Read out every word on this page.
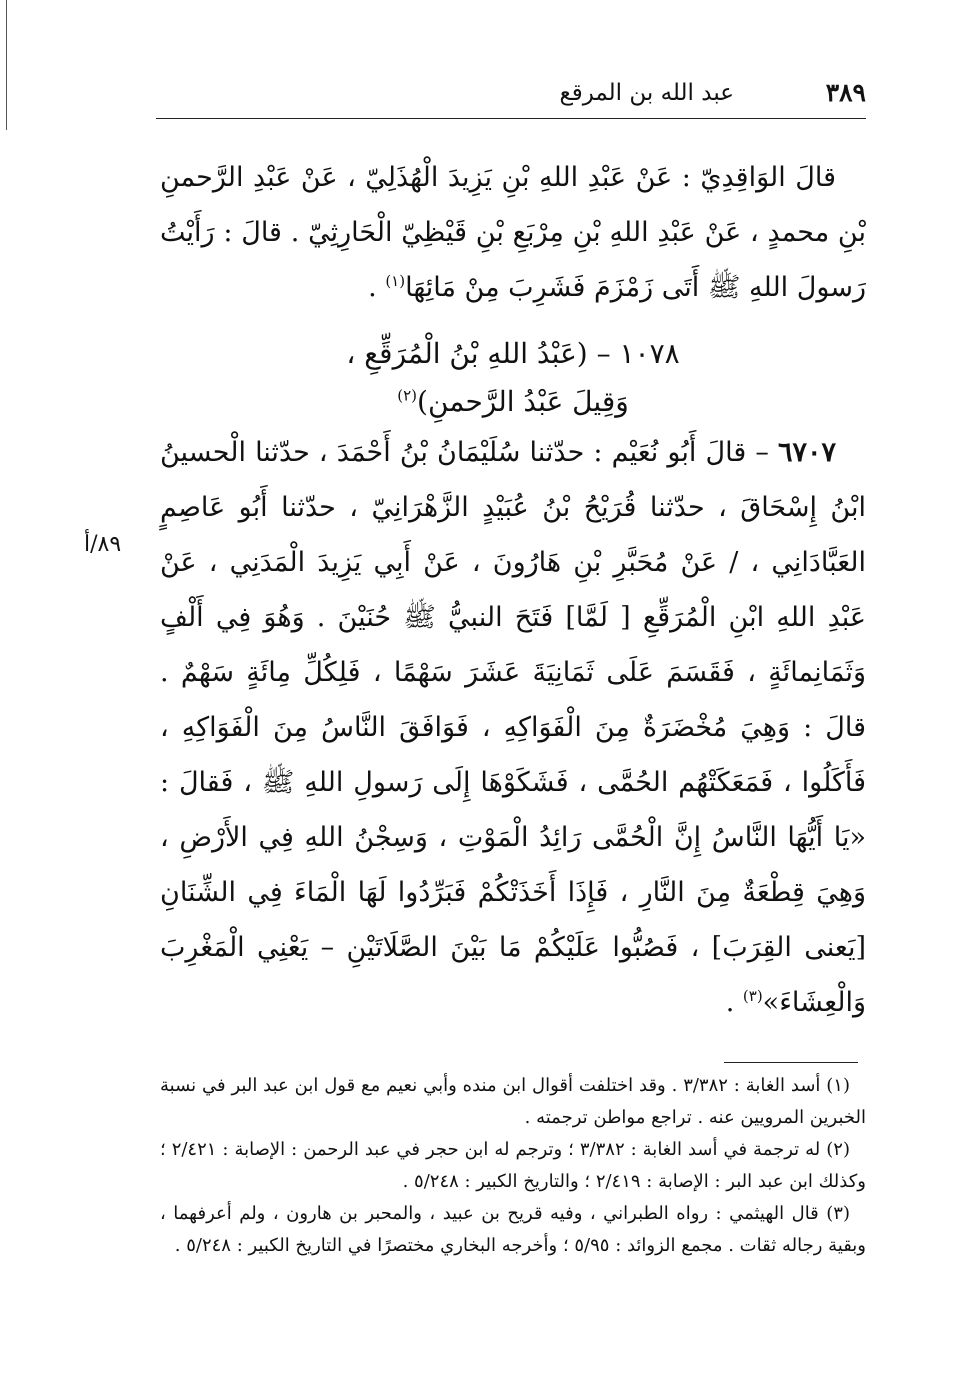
٣٨٩
عبد الله بن المرقع
قالَ الوَاقِدِيّ : عَنْ عَبْدِ اللهِ بْنِ يَزِيدَ الْهُذَلِيّ ، عَنْ عَبْدِ الرَّحمنِ بْنِ محمدٍ ، عَنْ عَبْدِ اللهِ بْنِ مِرْبَعِ بْنِ قَيْظِيّ الْحَارِثِيّ . قالَ : رَأَيْتُ رَسولَ اللهِ ﷺ أَتَى زَمْزَمَ فَشَرِبَ مِنْ مَائِهَا$^{(١)}$ .
١٠٧٨ – (عَبْدُ اللهِ بْنُ الْمُرَقِّعِ ،
وَقِيلَ عَبْدُ الرَّحمنِ)$^{(٢)}$
٦٧٠٧ – قالَ أَبُو نُعَيْم : حدّثنا سُلَيْمَانُ بْنُ أَحْمَدَ ، حدّثنا الْحسينُ ابْنُ إِسْحَاقَ ، حدّثنا قُرَيْحُ بْنُ عُبَيْدٍ الزَّهْرَانِيّ ، حدّثنا أَبُو عَاصِمٍ العَبَّادَانِي ، / عَنْ مُحَبَّرِ بْنِ هَارُونَ ، عَنْ أَبِي يَزِيدَ الْمَدَنِي ، عَنْ عَبْدِ اللهِ ابْنِ الْمُرَقِّعِ [ لَمَّا] فَتَحَ النبيُّ ﷺ حُنَيْنَ . وَهُوَ فِي أَلْفٍ وَثَمَانِمائَةٍ ، فَقَسَمَ عَلَى ثَمَانِيَةَ عَشَرَ سَهْمًا ، فَلِكُلِّ مِائَةٍ سَهْمٌ . قالَ : وَهِيَ مُخْضَرَةٌ مِنَ الْفَوَاكِهِ ، فَوَافَقَ النَّاسُ مِنَ الْفَوَاكِهِ ، فَأَكَلُوا ، فَمَعَكَتْهُم الحُمَّى ، فَشَكَوْهَا إِلَى رَسولِ اللهِ ﷺ ، فَقالَ : «يَا أَيُّهَا النَّاسُ إِنَّ الْحُمَّى رَائِدُ الْمَوْتِ ، وَسِجْنُ اللهِ فِي الأَرْضِ ، وَهِيَ قِطْعَةٌ مِنَ النَّارِ ، فَإِذَا أَخَذَتْكُمْ فَبَرِّدُوا لَهَا الْمَاءَ فِي الشِّنَانِ [يَعنى القِرَبَ] ، فَصُبُّوا عَلَيْكُمْ مَا بَيْنَ الصَّلَاتَيْنِ – يَعْنِي الْمَغْرِبَ وَالْعِشَاءَ»$^{(٣)}$ .
٨٩/أ

(١) أسد الغابة : ٣/٣٨٢ . وقد اختلفت أقوال ابن منده وأبي نعيم مع قول ابن عبد البر في نسبة الخبرين المرويين عنه . تراجع مواطن ترجمته .

(٢) له ترجمة في أسد الغابة : ٣/٣٨٢ ؛ وترجم له ابن حجر في عبد الرحمن : الإصابة : ٢/٤٢١ ؛ وكذلك ابن عبد البر : الإصابة : ٢/٤١٩ ؛ والتاريخ الكبير : ٥/٢٤٨ .

(٣) قال الهيثمي : رواه الطبراني ، وفيه قريح بن عبيد ، والمحبر بن هارون ، ولم أعرفهما ، وبقية رجاله ثقات . مجمع الزوائد : ٥/٩٥ ؛ وأخرجه البخاري مختصرًا في التاريخ الكبير : ٥/٢٤٨ .
